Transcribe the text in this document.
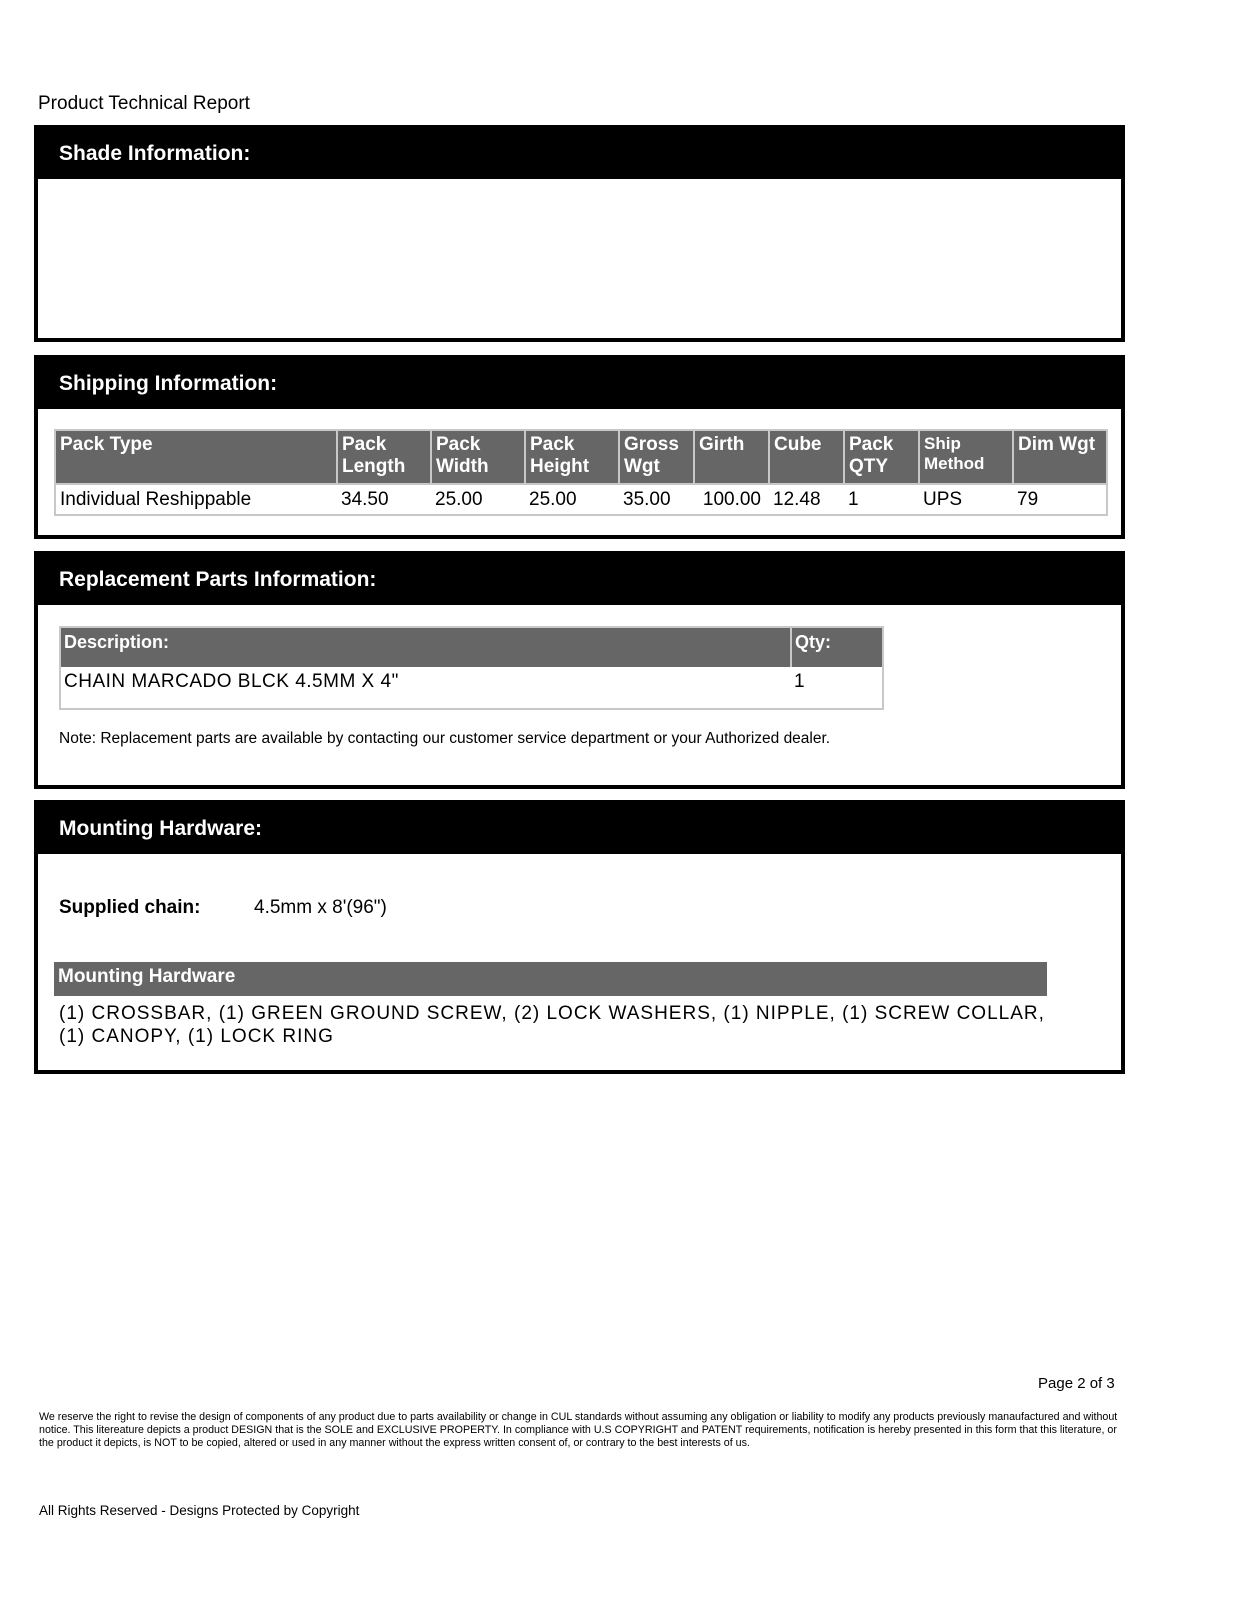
Product Technical Report
Shade Information:
Shipping Information:
Pack Type	Pack Length	Pack Width	Pack Height	Gross Wgt	Girth	Cube	Pack QTY	Ship Method	Dim Wgt
Individual Reshippable	34.50	25.00	25.00	35.00	100.00	12.48	1	UPS	79
Replacement Parts Information:
Description:	Qty:
CHAIN MARCADO BLCK 4.5MM X 4"	1
Note: Replacement parts are available by contacting our customer service department or your Authorized dealer.
Mounting Hardware:
Supplied chain:	4.5mm x 8'(96")
Mounting Hardware
(1) CROSSBAR, (1) GREEN GROUND SCREW, (2) LOCK WASHERS, (1) NIPPLE, (1) SCREW COLLAR, (1) CANOPY, (1) LOCK RING
Page 2 of 3
We reserve the right to revise the design of components of any product due to parts availability or change in CUL standards without assuming any obligation or liability to modify any products previously manaufactured and without notice. This litereature depicts a product DESIGN that is the SOLE and EXCLUSIVE PROPERTY. In compliance with U.S COPYRIGHT and PATENT requirements, notification is hereby presented in this form that this literature, or the product it depicts, is NOT to be copied, altered or used in any manner without the express written consent of, or contrary to the best interests of us.
All Rights Reserved - Designs Protected by Copyright
